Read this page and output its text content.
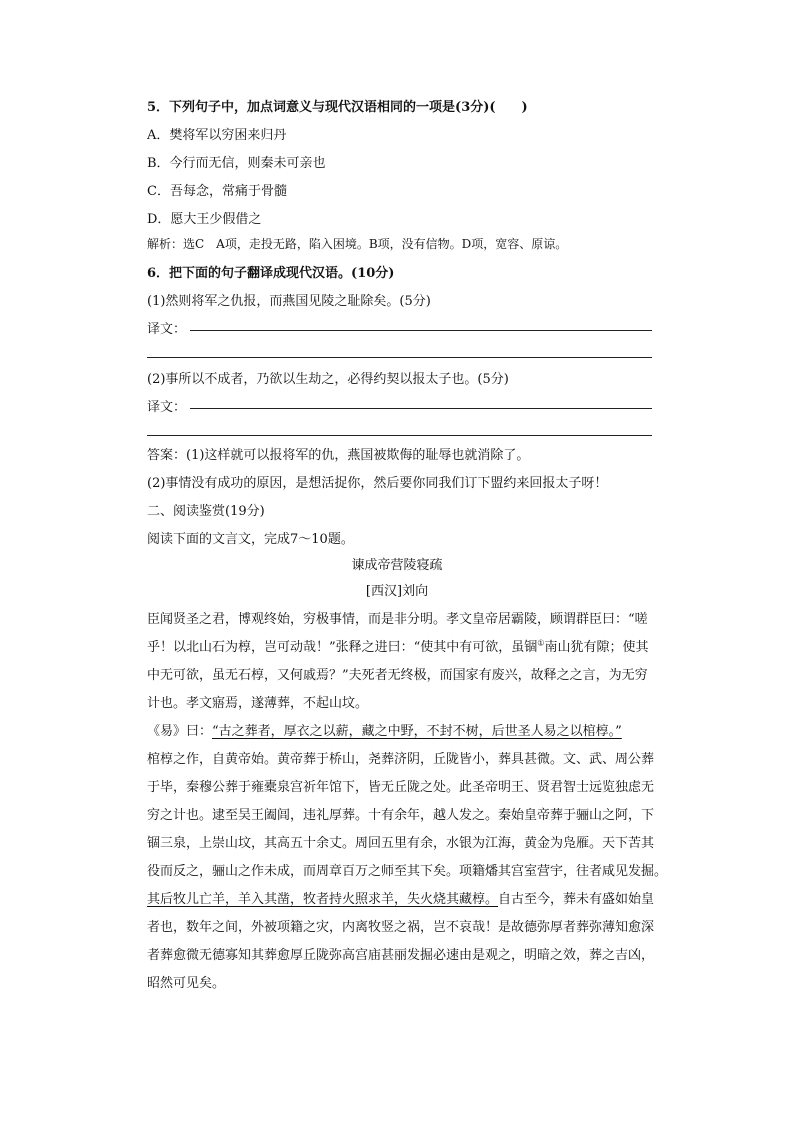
5．下列句子中，加点词意义与现代汉语相同的一项是(3分)(　　)
A．樊将军以穷困来归丹
B．今行而无信，则秦未可亲也
C．吾每念，常痛于骨髓
D．愿大王少假借之
解析：选C　A项，走投无路，陷入困境。B项，没有信物。D项，宽容、原谅。
6．把下面的句子翻译成现代汉语。(10分)
(1)然则将军之仇报，而燕国见陵之耻除矣。(5分)
译文：
(2)事所以不成者，乃欲以生劫之，必得约契以报太子也。(5分)
译文：
答案：(1)这样就可以报将军的仇，燕国被欺侮的耻辱也就消除了。
(2)事情没有成功的原因，是想活捉你，然后要你同我们订下盟约来回报太子呀！
二、阅读鉴赏(19分)
阅读下面的文言文，完成7～10题。
谏成帝营陵寝疏
[西汉]刘向
臣闻贤圣之君，博观终始，穷极事情，而是非分明。孝文皇帝居霸陵，顾谓群臣曰：“嗟
乎！以北山石为椁，岂可动哉！”张释之进曰：“使其中有可欲，虽锢①南山犹有隙；使其
中无可欲，虽无石椁，又何戚焉？”夫死者无终极，而国家有废兴，故释之之言，为无穷
计也。孝文寤焉，遂薄葬，不起山坟。
《易》曰：“古之葬者，厚衣之以薪，藏之中野，不封不树，后世圣人易之以棺椁。”
棺椁之作，自黄帝始。黄帝葬于桥山，尧葬济阴，丘陇皆小，葬具甚微。文、武、周公葬
于毕，秦穆公葬于雍橐泉宫祈年馆下，皆无丘陇之处。此圣帝明王、贤君智士远览独虑无
穷之计也。逮至吴王阖闾，违礼厚葬。十有余年，越人发之。秦始皇帝葬于骊山之阿，下
锢三泉，上崇山坟，其高五十余丈。周回五里有余，水银为江海，黄金为凫雁。天下苦其
役而反之，骊山之作未成，而周章百万之师至其下矣。项籍燔其宫室营宇，往者咸见发掘。
其后牧儿亡羊，羊入其凿，牧者持火照求羊，失火烧其藏椁。自古至今，葬未有盛如始皇
者也，数年之间，外被项籍之灾，内离牧竖之祸，岂不哀哉！是故德弥厚者葬弥薄知愈深
者葬愈微无德寡知其葬愈厚丘陇弥高宫庙甚丽发掘必速由是观之，明暗之效，葬之吉凶，
昭然可见矣。
